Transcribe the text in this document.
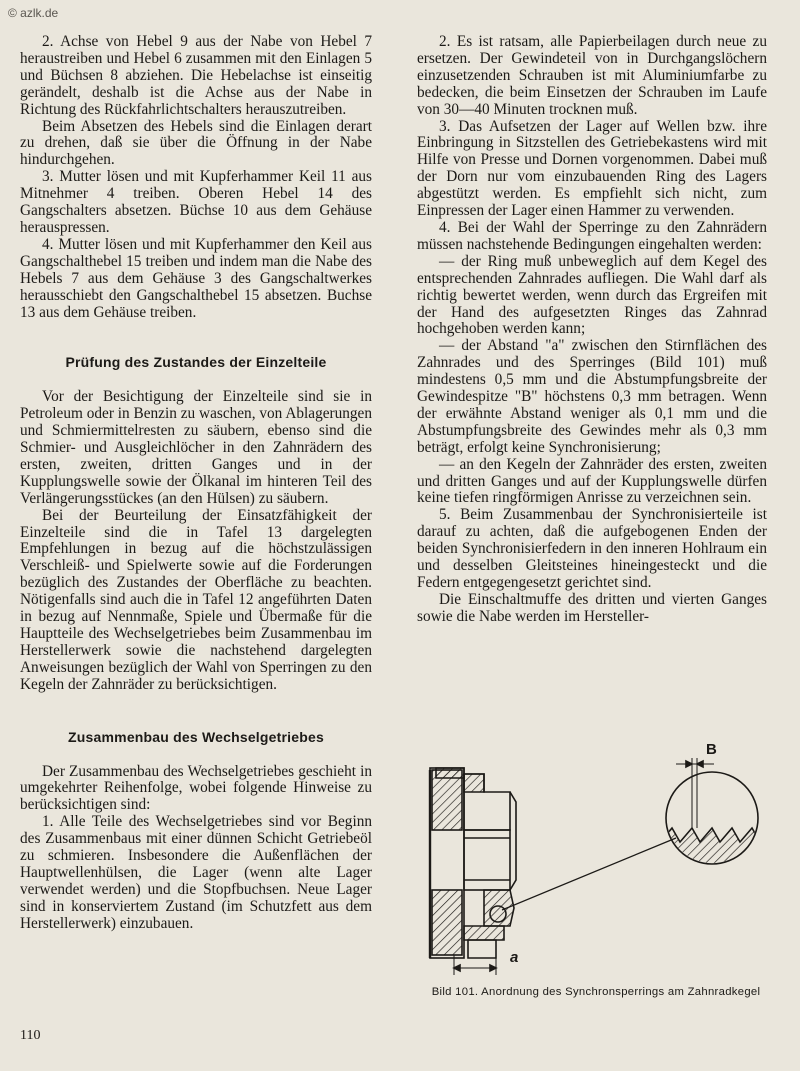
© azlk.de

2. Achse von Hebel 9 aus der Nabe von Hebel 7 heraustreiben und Hebel 6 zusammen mit den Einlagen 5 und Büchsen 8 abziehen. Die Hebelachse ist einseitig gerändelt, deshalb ist die Achse aus der Nabe in Richtung des Rückfahrlichtschalters herauszutreiben.

Beim Absetzen des Hebels sind die Einlagen derart zu drehen, daß sie über die Öffnung in der Nabe hindurchgehen.

3. Mutter lösen und mit Kupferhammer Keil 11 aus Mitnehmer 4 treiben. Oberen Hebel 14 des Gangschalters absetzen. Büchse 10 aus dem Gehäuse herauspressen.

4. Mutter lösen und mit Kupferhammer den Keil aus Gangschalthebel 15 treiben und indem man die Nabe des Hebels 7 aus dem Gehäuse 3 des Gangschaltwerkes herausschiebt den Gangschalthebel 15 absetzen. Buchse 13 aus dem Gehäuse treiben.

Prüfung des Zustandes der Einzelteile

Vor der Besichtigung der Einzelteile sind sie in Petroleum oder in Benzin zu waschen, von Ablagerungen und Schmiermittelresten zu säubern, ebenso sind die Schmier- und Ausgleichlöcher in den Zahnrädern des ersten, zweiten, dritten Ganges und in der Kupplungswelle sowie der Ölkanal im hinteren Teil des Verlängerungsstückes (an den Hülsen) zu säubern.

Bei der Beurteilung der Einsatzfähigkeit der Einzelteile sind die in Tafel 13 dargelegten Empfehlungen in bezug auf die höchstzulässigen Verschleiß- und Spielwerte sowie auf die Forderungen bezüglich des Zustandes der Oberfläche zu beachten. Nötigenfalls sind auch die in Tafel 12 angeführten Daten in bezug auf Nennmaße, Spiele und Übermaße für die Hauptteile des Wechselgetriebes beim Zusammenbau im Herstellerwerk sowie die nachstehend dargelegten Anweisungen bezüglich der Wahl von Sperringen zu den Kegeln der Zahnräder zu berücksichtigen.

Zusammenbau des Wechselgetriebes

Der Zusammenbau des Wechselgetriebes geschieht in umgekehrter Reihenfolge, wobei folgende Hinweise zu berücksichtigen sind:

1. Alle Teile des Wechselgetriebes sind vor Beginn des Zusammenbaus mit einer dünnen Schicht Getriebeöl zu schmieren. Insbesondere die Außenflächen der Hauptwellenhülsen, die Lager (wenn alte Lager verwendet werden) und die Stopfbuchsen. Neue Lager sind in konserviertem Zustand (im Schutzfett aus dem Herstellerwerk) einzubauen.

2. Es ist ratsam, alle Papierbeilagen durch neue zu ersetzen. Der Gewindeteil von in Durchgangslöchern einzusetzenden Schrauben ist mit Aluminiumfarbe zu bedecken, die beim Einsetzen der Schrauben im Laufe von 30—40 Minuten trocknen muß.

3. Das Aufsetzen der Lager auf Wellen bzw. ihre Einbringung in Sitzstellen des Getriebekastens wird mit Hilfe von Presse und Dornen vorgenommen. Dabei muß der Dorn nur vom einzubauenden Ring des Lagers abgestützt werden. Es empfiehlt sich nicht, zum Einpressen der Lager einen Hammer zu verwenden.

4. Bei der Wahl der Sperringe zu den Zahnrädern müssen nachstehende Bedingungen eingehalten werden:

— der Ring muß unbeweglich auf dem Kegel des entsprechenden Zahnrades aufliegen. Die Wahl darf als richtig bewertet werden, wenn durch das Ergreifen mit der Hand des aufgesetzten Ringes das Zahnrad hochgehoben werden kann;

— der Abstand "a" zwischen den Stirnflächen des Zahnrades und des Sperringes (Bild 101) muß mindestens 0,5 mm und die Abstumpfungsbreite der Gewindespitze "B" höchstens 0,3 mm betragen. Wenn der erwähnte Abstand weniger als 0,1 mm und die Abstumpfungsbreite des Gewindes mehr als 0,3 mm beträgt, erfolgt keine Synchronisierung;

— an den Kegeln der Zahnräder des ersten, zweiten und dritten Ganges und auf der Kupplungswelle dürfen keine tiefen ringförmigen Anrisse zu verzeichnen sein.

5. Beim Zusammenbau der Synchronisierteile ist darauf zu achten, daß die aufgebogenen Enden der beiden Synchronisierfedern in den inneren Hohlraum ein und desselben Gleitsteines hineingesteckt und die Federn entgegengesetzt gerichtet sind.

Die Einschaltmuffe des dritten und vierten Ganges sowie die Nabe werden im Hersteller-

B
a
Bild 101. Anordnung des Synchronsperrings am Zahnradkegel
110
